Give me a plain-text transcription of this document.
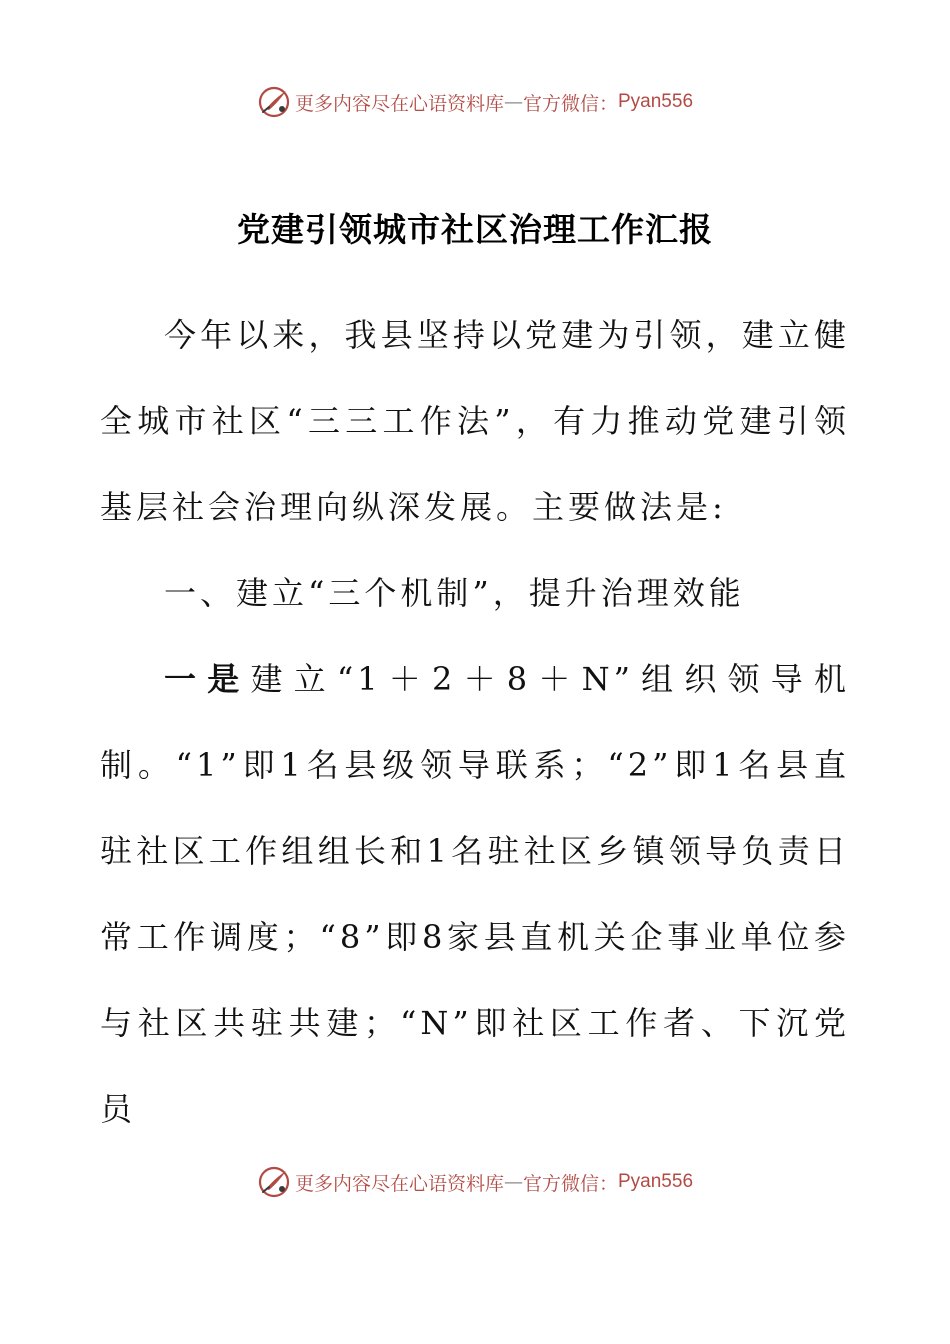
更多内容尽在心语资料库 — 官方微信： Pyan556
党建引领城市社区治理工作汇报

今年以来，我县坚持以党建为引领，建立健全城市社区“三三工作法”，有力推动党建引领基层社会治理向纵深发展。主要做法是:

一、建立“三个机制”，提升治理效能

一是建立“1＋2＋8＋N”组织领导机制。“1”即1名县级领导联系；“2”即1名县直驻社区工作组组长和1名驻社区乡镇领导负责日常工作调度；“8”即8家县直机关企事业单位参与社区共驻共建；“N”即社区工作者、下沉党员

更多内容尽在心语资料库 — 官方微信： Pyan556
